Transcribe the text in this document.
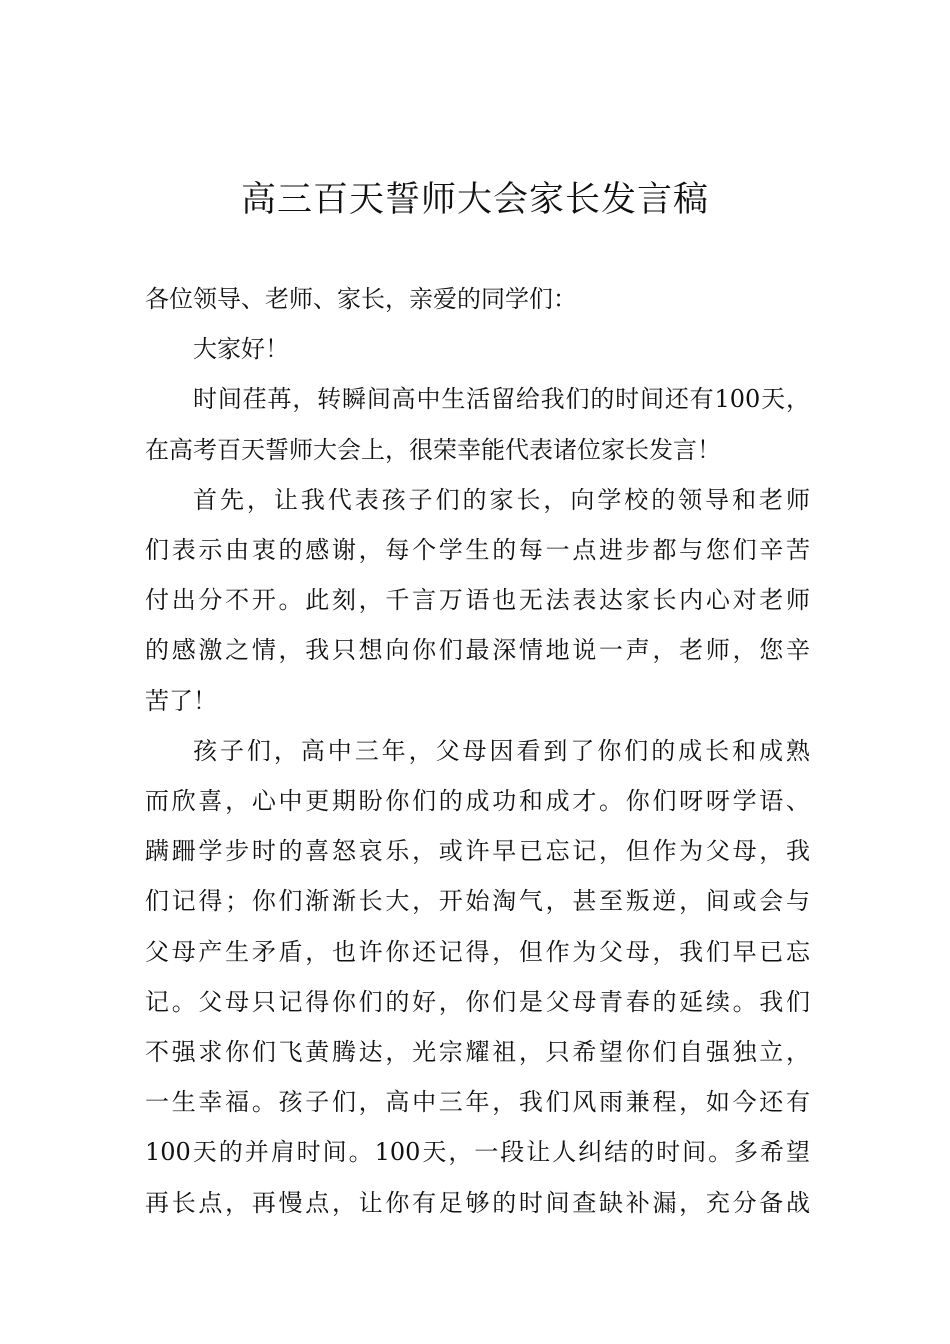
高三百天誓师大会家长发言稿
各位领导、老师、家长，亲爱的同学们：
大家好！
时间荏苒，转瞬间高中生活留给我们的时间还有100天，
在高考百天誓师大会上，很荣幸能代表诸位家长发言！
首先，让我代表孩子们的家长，向学校的领导和老师
们表示由衷的感谢，每个学生的每一点进步都与您们辛苦
付出分不开。此刻，千言万语也无法表达家长内心对老师
的感激之情，我只想向你们最深情地说一声，老师，您辛
苦了！
孩子们，高中三年，父母因看到了你们的成长和成熟
而欣喜，心中更期盼你们的成功和成才。你们呀呀学语、
蹒跚学步时的喜怒哀乐，或许早已忘记，但作为父母，我
们记得；你们渐渐长大，开始淘气，甚至叛逆，间或会与
父母产生矛盾，也许你还记得，但作为父母，我们早已忘
记。父母只记得你们的好，你们是父母青春的延续。我们
不强求你们飞黄腾达，光宗耀祖，只希望你们自强独立，
一生幸福。孩子们，高中三年，我们风雨兼程，如今还有
100天的并肩时间。100天，一段让人纠结的时间。多希望
再长点，再慢点，让你有足够的时间查缺补漏，充分备战
